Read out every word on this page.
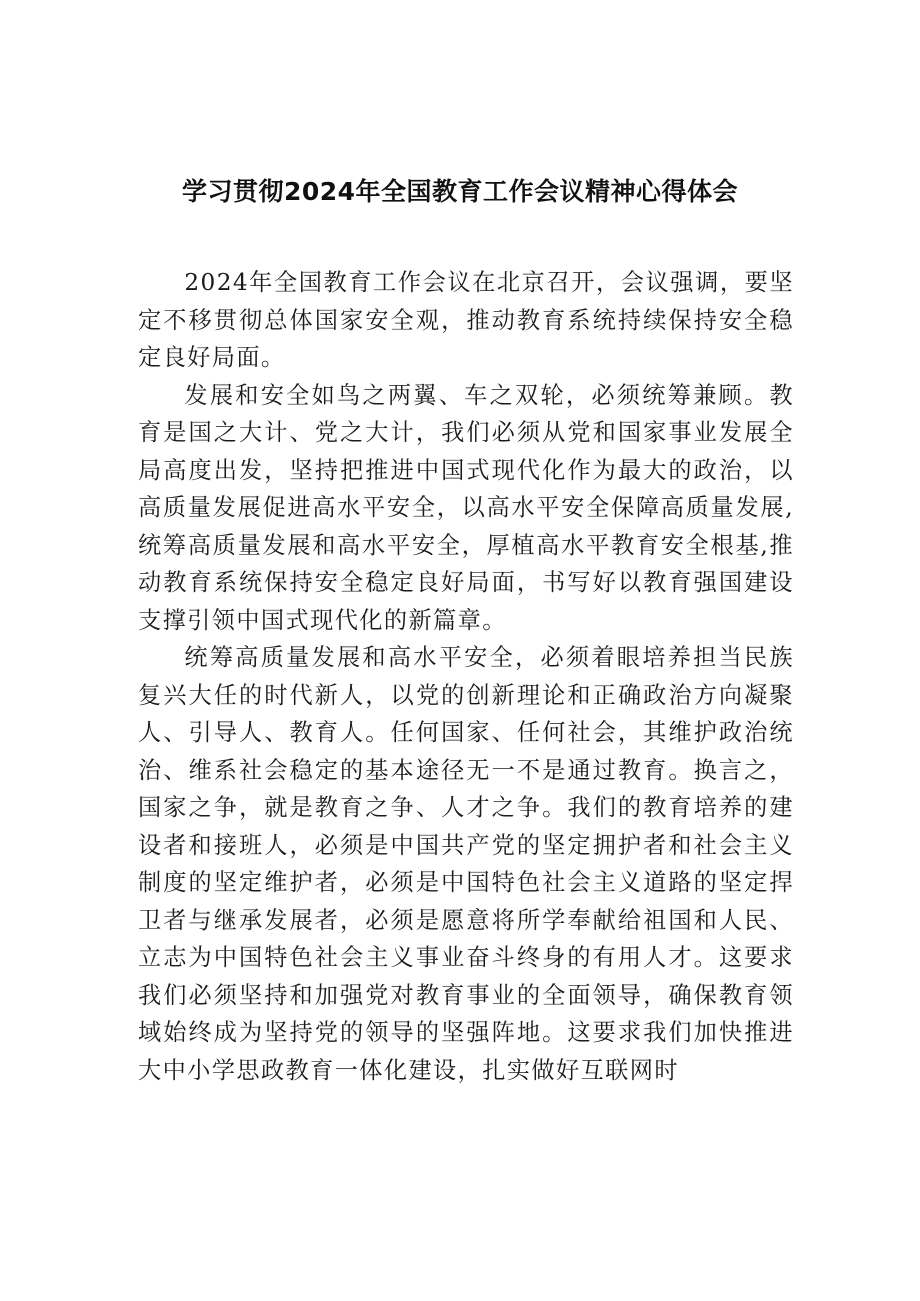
学习贯彻2024年全国教育工作会议精神心得体会

2024年全国教育工作会议在北京召开，会议强调，要坚定不移贯彻总体国家安全观，推动教育系统持续保持安全稳定良好局面。

发展和安全如鸟之两翼、车之双轮，必须统筹兼顾。教育是国之大计、党之大计，我们必须从党和国家事业发展全局高度出发，坚持把推进中国式现代化作为最大的政治，以高质量发展促进高水平安全，以高水平安全保障高质量发展,统筹高质量发展和高水平安全，厚植高水平教育安全根基,推动教育系统保持安全稳定良好局面，书写好以教育强国建设支撑引领中国式现代化的新篇章。

统筹高质量发展和高水平安全，必须着眼培养担当民族复兴大任的时代新人，以党的创新理论和正确政治方向凝聚人、引导人、教育人。任何国家、任何社会，其维护政治统治、维系社会稳定的基本途径无一不是通过教育。换言之，国家之争，就是教育之争、人才之争。我们的教育培养的建设者和接班人，必须是中国共产党的坚定拥护者和社会主义制度的坚定维护者，必须是中国特色社会主义道路的坚定捍卫者与继承发展者，必须是愿意将所学奉献给祖国和人民、立志为中国特色社会主义事业奋斗终身的有用人才。这要求我们必须坚持和加强党对教育事业的全面领导，确保教育领域始终成为坚持党的领导的坚强阵地。这要求我们加快推进大中小学思政教育一体化建设，扎实做好互联网时
